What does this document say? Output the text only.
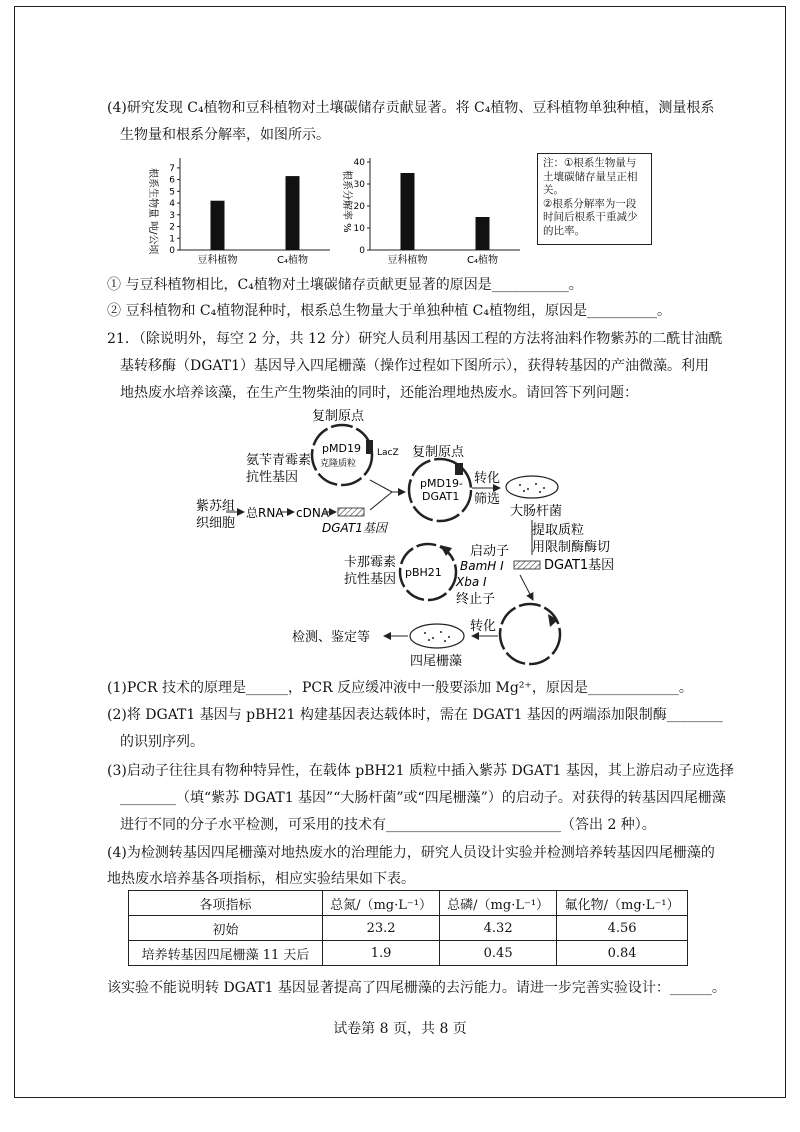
(4)研究发现 C₄植物和豆科植物对土壤碳储存贡献显著。将 C₄植物、豆科植物单独种植，测量根系
生物量和根系分解率，如图所示。
0
1
2
3
4
5
6
7
豆科植物	C₄植物
根系生物量 吨/公顷	0
10
20
30
40
豆科植物	C₄植物
根系分解率 %
注：①根系生物量与
土壤碳储存量呈正相
关。
②根系分解率为一段
时间后根系干重减少
的比率。
① 与豆科植物相比，C₄植物对土壤碳储存贡献更显著的原因是___________。
② 豆科植物和 C₄植物混种时，根系总生物量大于单独种植 C₄植物组，原因是__________。
21．（除说明外，每空 2 分，共 12 分）研究人员利用基因工程的方法将油料作物紫苏的二酰甘油酰
基转移酶（DGAT1）基因导入四尾栅藻（操作过程如下图所示），获得转基因的产油微藻。利用
地热废水培养该藻，在生产生物柴油的同时，还能治理地热废水。请回答下列问题：
复制原点
pMD19
克隆质粒
LacZ
氨苄青霉素
抗性基因
复制原点
pMD19-
DGAT1
转化
筛选
大肠杆菌
紫苏组
织细胞
总RNA cDNA
DGAT1基因	提取质粒
用限制酶酶切
DGAT1基因
启动子
pBH21 BamH Ⅰ
Xba Ⅰ
终止子
卡那霉素
抗性基因
转化
四尾栅藻
检测、鉴定等
(1)PCR 技术的原理是______，PCR 反应缓冲液中一般要添加 Mg²⁺，原因是_____________。
(2)将 DGAT1 基因与 pBH21 构建基因表达载体时，需在 DGAT1 基因的两端添加限制酶________
的识别序列。
(3)启动子往往具有物种特异性，在载体 pBH21 质粒中插入紫苏 DGAT1 基因，其上游启动子应选择
________（填“紫苏 DGAT1 基因”“大肠杆菌”或“四尾栅藻”）的启动子。对获得的转基因四尾栅藻
进行不同的分子水平检测，可采用的技术有_________________________（答出 2 种）。
(4)为检测转基因四尾栅藻对地热废水的治理能力，研究人员设计实验并检测培养转基因四尾栅藻的
地热废水培养基各项指标，相应实验结果如下表。
各项指标	总氮/（mg·L⁻¹）	总磷/（mg·L⁻¹）	氟化物/（mg·L⁻¹）
初始	23.2	4.32	4.56
培养转基因四尾栅藻 11 天后	1.9	0.45	0.84
该实验不能说明转 DGAT1 基因显著提高了四尾栅藻的去污能力。请进一步完善实验设计：______。
试卷第 8 页，共 8 页
